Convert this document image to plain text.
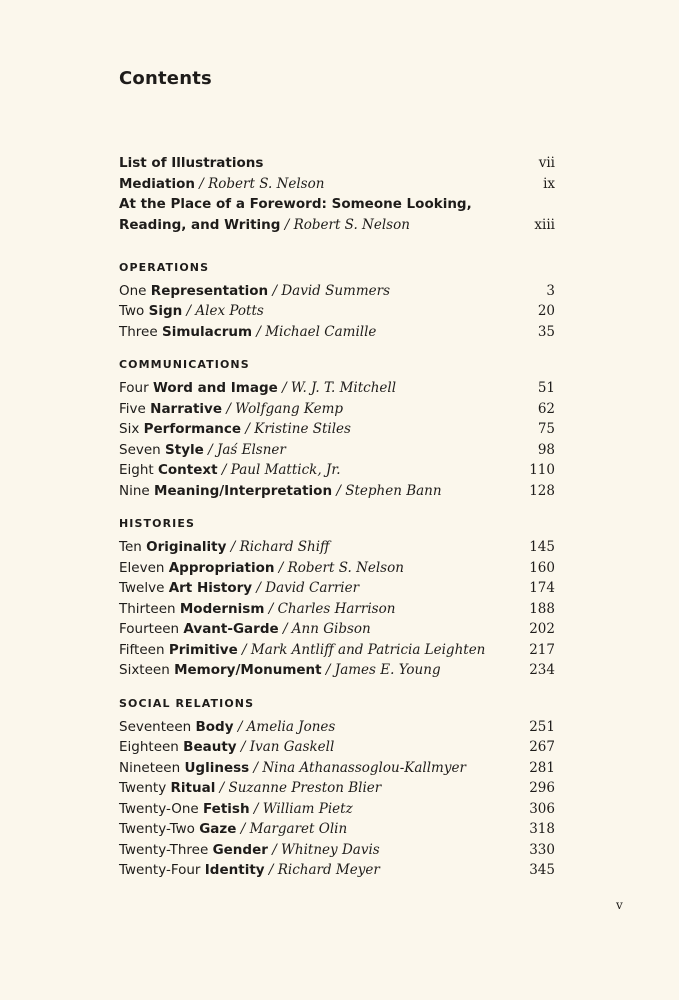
Contents
List of Illustrations	vii
Mediation / Robert S. Nelson	ix
At the Place of a Foreword: Someone Looking,
Reading, and Writing / Robert S. Nelson	xiii
OPERATIONS
One Representation / David Summers	3
Two Sign / Alex Potts	20
Three Simulacrum / Michael Camille	35
COMMUNICATIONS
Four Word and Image / W. J. T. Mitchell	51
Five Narrative / Wolfgang Kemp	62
Six Performance / Kristine Stiles	75
Seven Style / Jaś Elsner	98
Eight Context / Paul Mattick, Jr.	110
Nine Meaning/Interpretation / Stephen Bann	128
HISTORIES
Ten Originality / Richard Shiff	145
Eleven Appropriation / Robert S. Nelson	160
Twelve Art History / David Carrier	174
Thirteen Modernism / Charles Harrison	188
Fourteen Avant-Garde / Ann Gibson	202
Fifteen Primitive / Mark Antliff and Patricia Leighten	217
Sixteen Memory/Monument / James E. Young	234
SOCIAL RELATIONS
Seventeen Body / Amelia Jones	251
Eighteen Beauty / Ivan Gaskell	267
Nineteen Ugliness / Nina Athanassoglou-Kallmyer	281
Twenty Ritual / Suzanne Preston Blier	296
Twenty-One Fetish / William Pietz	306
Twenty-Two Gaze / Margaret Olin	318
Twenty-Three Gender / Whitney Davis	330
Twenty-Four Identity / Richard Meyer	345
v
